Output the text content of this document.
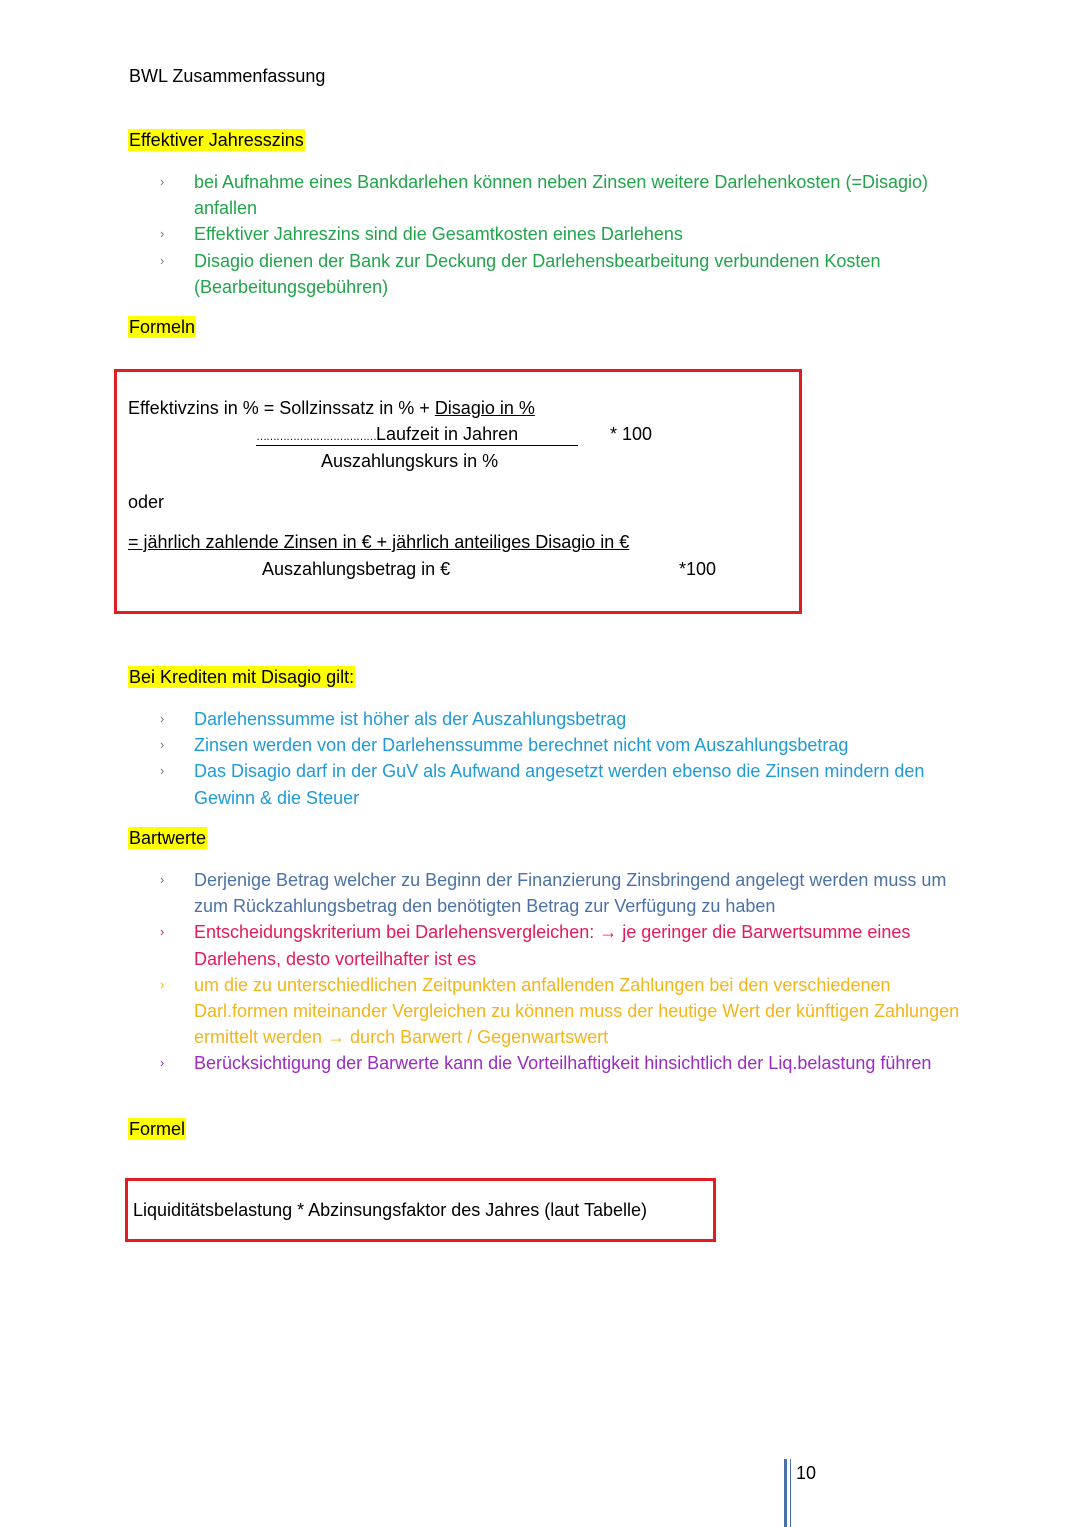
BWL Zusammenfassung
Effektiver Jahresszins
› bei Aufnahme eines Bankdarlehen können neben Zinsen weitere Darlehenkosten (=Disagio) anfallen
› Effektiver Jahreszins sind die Gesamtkosten eines Darlehens
› Disagio dienen der Bank zur Deckung der Darlehensbearbeitung verbundenen Kosten (Bearbeitungsgebühren)
Formeln
Effektivzins in % = Sollzinssatz in % + Disagio in %
………………………………Laufzeit in Jahren	* 100
Auszahlungskurs in %
oder
= jährlich zahlende Zinsen in € + jährlich anteiliges Disagio in €
Auszahlungsbetrag in €	*100
Bei Krediten mit Disagio gilt:
› Darlehenssumme ist höher als der Auszahlungsbetrag
› Zinsen werden von der Darlehenssumme berechnet nicht vom Auszahlungsbetrag
› Das Disagio darf in der GuV als Aufwand angesetzt werden ebenso die Zinsen mindern den Gewinn & die Steuer
Bartwerte
› Derjenige Betrag welcher zu Beginn der Finanzierung Zinsbringend angelegt werden muss um zum Rückzahlungsbetrag den benötigten Betrag zur Verfügung zu haben
› Entscheidungskriterium bei Darlehensvergleichen: → je geringer die Barwertsumme eines Darlehens, desto vorteilhafter ist es
› um die zu unterschiedlichen Zeitpunkten anfallenden Zahlungen bei den verschiedenen Darl.formen miteinander Vergleichen zu können muss der heutige Wert der künftigen Zahlungen ermittelt werden → durch Barwert / Gegenwartswert
› Berücksichtigung der Barwerte kann die Vorteilhaftigkeit hinsichtlich der Liq.belastung führen
Formel
Liquiditätsbelastung * Abzinsungsfaktor des Jahres (laut Tabelle)
10
